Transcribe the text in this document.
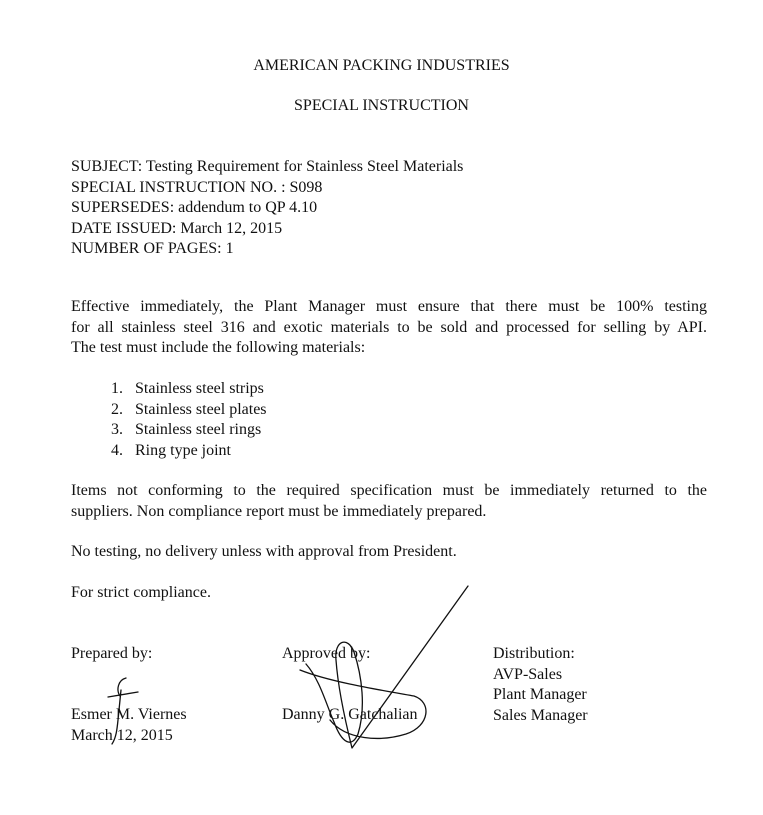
AMERICAN PACKING INDUSTRIES
SPECIAL INSTRUCTION
SUBJECT: Testing Requirement for Stainless Steel Materials
SPECIAL INSTRUCTION NO. : S098
SUPERSEDES: addendum to QP 4.10
DATE ISSUED: March 12, 2015
NUMBER OF PAGES: 1
Effective immediately, the Plant Manager must ensure that there must be 100% testing
for all stainless steel 316 and exotic materials to be sold and processed for selling by API.
The test must include the following materials:
1. Stainless steel strips
2. Stainless steel plates
3. Stainless steel rings
4. Ring type joint
Items not conforming to the required specification must be immediately returned to the
suppliers. Non compliance report must be immediately prepared.
No testing, no delivery unless with approval from President.
For strict compliance.
Prepared by:
Esmer M. Viernes
March 12, 2015
Approved by:
Danny G. Gatchalian
Distribution:
AVP-Sales
Plant Manager
Sales Manager
